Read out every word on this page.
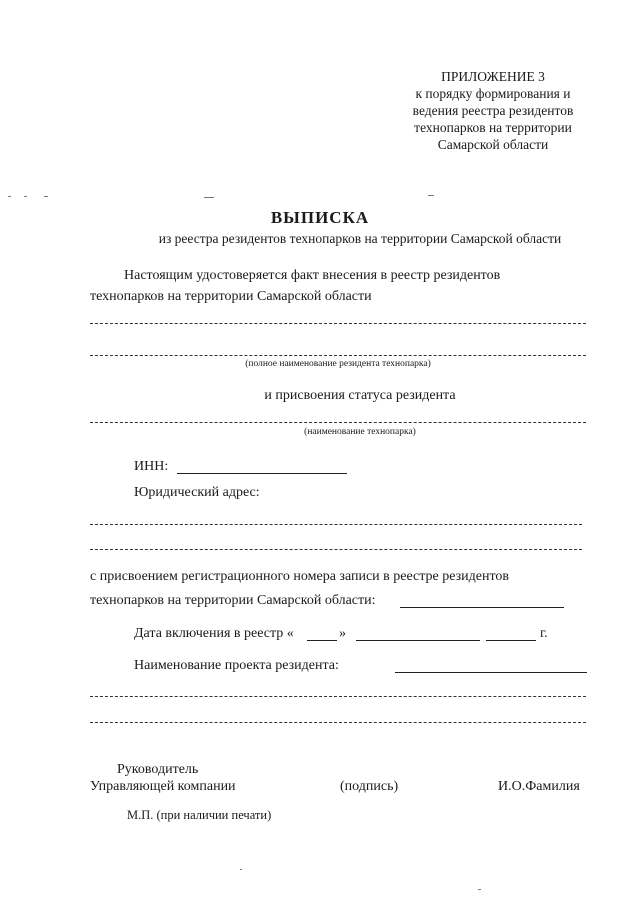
ПРИЛОЖЕНИЕ 3
к порядку формирования и
ведения реестра резидентов
технопарков на территории
Самарской области
ВЫПИСКА
из реестра резидентов технопарков на территории Самарской области
Настоящим удостоверяется факт внесения в реестр резидентов
технопарков на территории Самарской области
(полное наименование резидента технопарка)
и присвоения статуса резидента
(наименование технопарка)
ИНН:
Юридический адрес:
с присвоением регистрационного номера записи в реестре резидентов
технопарков на территории Самарской области:
Дата включения в реестр «	»	г.
Наименование проекта резидента:
Руководитель
Управляющей компании	(подпись)	И.О.Фамилия
М.П. (при наличии печати)
